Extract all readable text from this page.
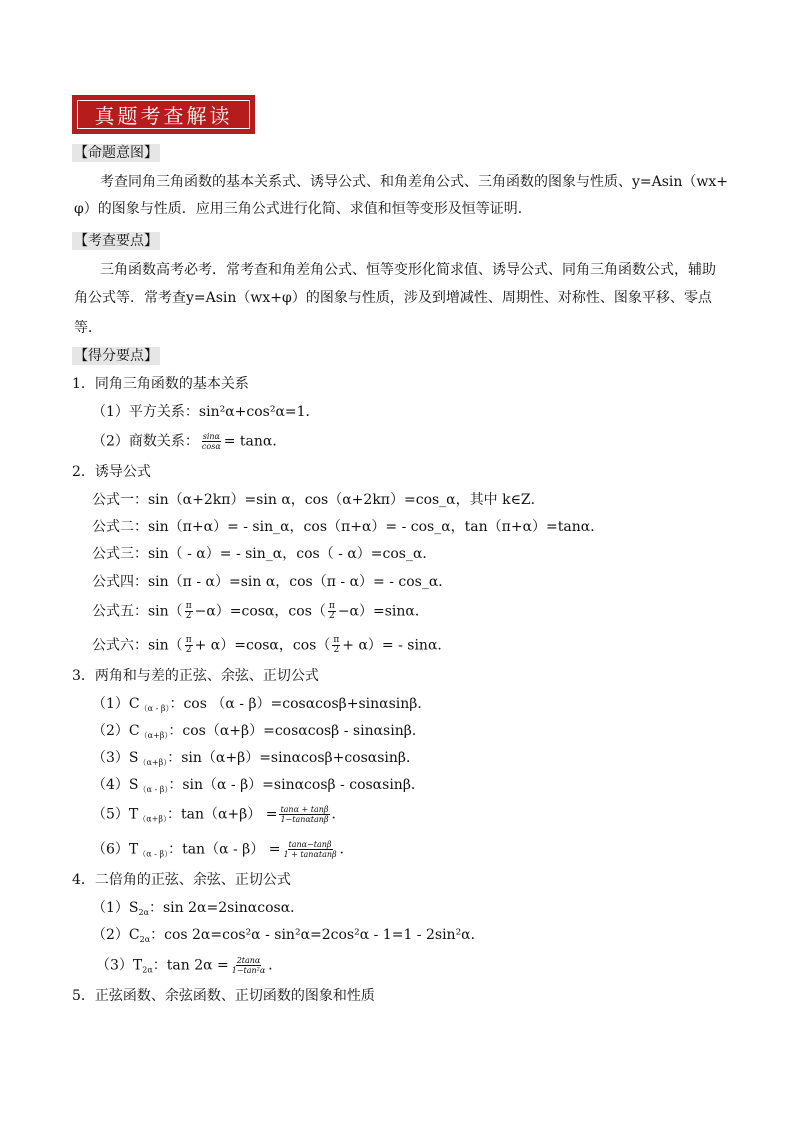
真题考查解读
【命题意图】
考查同角三角函数的基本关系式、诱导公式、和角差角公式、三角函数的图象与性质、y=Asin（wx+
φ）的图象与性质．应用三角公式进行化简、求值和恒等变形及恒等证明．
【考查要点】
三角函数高考必考．常考查和角差角公式、恒等变形化简求值、诱导公式、同角三角函数公式，辅助
角公式等．常考查y=Asin（wx+φ）的图象与性质，涉及到增减性、周期性、对称性、图象平移、零点
等．
【得分要点】
1．同角三角函数的基本关系
（1）平方关系：sin²α+cos²α=1．
（2）商数关系： $\frac{\sin\alpha}{\cos\alpha} = \tan\alpha$．
2．诱导公式
公式一：sin（α+2kπ）=sin α，cos（α+2kπ）=cos_α，其中 k∈Z．
公式二：sin（π+α）= - sin_α，cos（π+α）= - cos_α，tan（π+α）=tanα．
公式三：sin（ - α）= - sin_α，cos（ - α）=cos_α．
公式四：sin（π - α）=sin α，cos（π - α）= - cos_α．
公式五：$\sin( \frac{\pi}{2} -\alpha)=\cos\alpha$，$\cos( \frac{\pi}{2} -\alpha)=\sin\alpha$．
公式六：$\sin( \frac{\pi}{2} + \alpha)=\cos\alpha$，$\cos( \frac{\pi}{2} + \alpha)= - \sin\alpha$．
3．两角和与差的正弦、余弦、正切公式
$(1)C_{(\alpha - \beta)}$：cos （α - β）=cosαcosβ+sinαsinβ．
$(2)C_{(\alpha+\beta)}$：cos（α+β）=cosαcosβ - sinαsinβ．
$(3)S_{(\alpha+\beta)}$：sin（α+β）=sinαcosβ+cosαsinβ．
$(4)S_{(\alpha - \beta)}$：sin（α - β）=sinαcosβ - cosαsinβ．
$(5)T_{(\alpha+\beta)}$：$\tan(\alpha+\beta) = \frac{\tan\alpha + \tan\beta}{1-\tan\alpha\tan\beta}$ ．
$(6)T_{(\alpha - \beta)}$：$\tan(\alpha - \beta) = \frac{\tan\alpha-\tan\beta}{1 + \tan\alpha\tan\beta}$ ．
4．二倍角的正弦、余弦、正切公式
$(1)S_{2\alpha}$：sin 2α=2sinαcosα．
$(2)C_{2\alpha}$：cos 2α=cos²α - sin²α=2cos²α - 1=1 - 2sin²α．
$(3)T_{2\alpha}$：$\tan 2\alpha = \frac{2\tan\alpha}{\text{1−tan²α}}$ ．
5．正弦函数、余弦函数、正切函数的图象和性质
